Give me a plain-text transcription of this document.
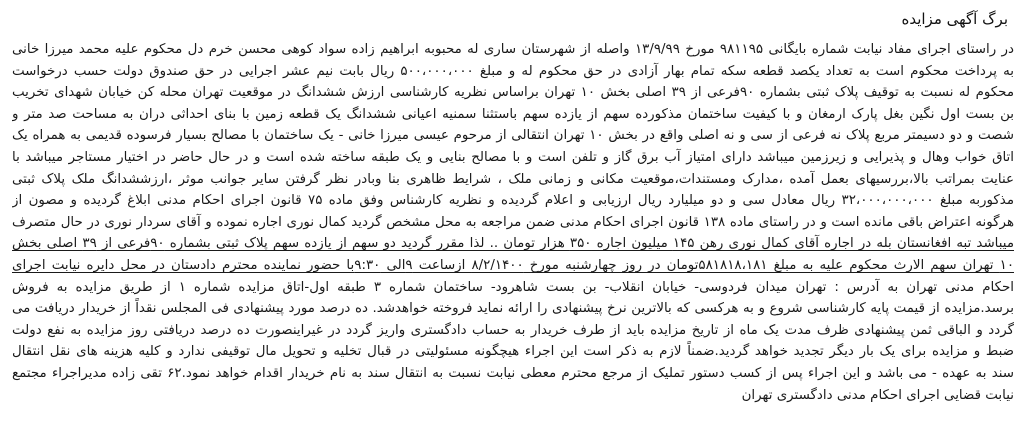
برگ آگهی مزایده
در راستای اجرای مفاد نیابت شماره بایگانی ۹۸۱۱۹۵ مورخ ۱۳/۹/۹۹ واصله از شهرستان ساری له محبوبه ابراهیم زاده سواد کوهی محسن خرم دل محکوم علیه محمد میرزا خانی
به پرداخت محکوم است به تعداد یکصد قطعه سکه تمام بهار آزادی در حق محکوم له و مبلغ ۵۰۰،۰۰۰،۰۰۰ ریال بابت نیم عشر اجرایی در حق صندوق دولت حسب درخواست
محکوم له نسبت به توقیف پلاک ثبتی بشماره ۹۰فرعی از ۳۹ اصلی بخش ۱۰ تهران براساس نظریه کارشناسی ارزش ششدانگ در موقعیت تهران محله کن خیابان شهدای تخریب
بن بست اول نگین بغل پارک ارمغان و با کیفیت ساختمان مذکورده سهم از یازده سهم باستثنا سمنیه اعیانی ششدانگ یک قطعه زمین با بنای احداثی دران به مساحت صد متر و
شصت و دو دسیمتر مربع پلاک نه فرعی از سی و نه اصلی واقع در بخش ۱۰ تهران انتقالی از مرحوم عیسی میرزا خانی - یک ساختمان با مصالح بسیار فرسوده قدیمی به همراه یک
اتاق خواب وهال و پذیرایی و زیرزمین میباشد دارای امتیاز آب برق گاز و تلفن است و با مصالح بنایی و یک طبقه ساخته شده است و در حال حاضر در اختیار مستاجر میباشد با
عنایت بمراتب بالا،بررسیهای بعمل آمده ،مدارک ومستندات،موقعیت مکانی و زمانی ملک ، شرایط ظاهری بنا وبادر نظر گرفتن سایر جوانب موثر ،ارزششدانگ ملک پلاک ثبتی
مذکوربه مبلغ ۳۲،۰۰۰،۰۰۰،۰۰۰ ریال معادل سی و دو میلیارد ریال ارزیابی و اعلام گردیده و نظریه کارشناس وفق ماده ۷۵ قانون اجرای احکام مدنی ابلاغ گردیده و مصون از
هرگونه اعتراض باقی مانده است و در راستای ماده ۱۳۸ قانون اجرای احکام مدنی ضمن مراجعه به محل مشخص گردید کمال نوری اجاره نموده و آقای سردار نوری در حال متصرف
میباشد تبه افغانستان بله در اجاره آقای کمال نوری رهن ۱۴۵ میلیون اجاره ۳۵۰ هزار تومان .. لذا مقرر گردید دو سهم از یازده سهم پلاک ثبتی بشماره ۹۰فرعی از ۳۹ اصلی بخش
۱۰ تهران سهم الارث محکوم علیه به مبلغ ۵۸۱۸۱۸،۱۸۱تومان در روز چهارشنبه مورخ ۸/۲/۱۴۰۰ ازساعت ۹الی ۹:۳۰با حضور نماینده محترم دادستان در محل دایره نیابت اجرای
احکام مدنی تهران به آدرس : تهران میدان فردوسی- خیابان انقلاب- بن بست شاهرود- ساختمان شماره ۳ طبقه اول-اتاق مزایده شماره ۱ از طریق مزایده به فروش
برسد.مزایده از قیمت پایه کارشناسی شروع و به هرکسی که بالاترین نرخ پیشنهادی را ارائه نماید فروخته خواهدشد. ده درصد مورد پیشنهادی فی المجلس نقداً از خریدار دریافت می
گردد و الباقی ثمن پیشنهادی ظرف مدت یک ماه از تاریخ مزایده باید از طرف خریدار به حساب دادگستری واریز گردد در غیراینصورت ده درصد دریافتی روز مزایده به نفع دولت
ضبط و مزایده برای یک بار دیگر تجدید خواهد گردید.ضمناً لازم به ذکر است این اجراء هیچگونه مسئولیتی در قبال تخلیه و تحویل مال توقیفی ندارد و کلیه هزینه های نقل انتقال
سند به عهده - می باشد و این اجراء پس از کسب دستور تملیک از مرجع محترم معطی نیابت نسبت به انتقال سند به نام خریدار اقدام خواهد نمود.۶۲ تقی زاده مدیراجراء مجتمع
نیابت قضایی اجرای احکام مدنی دادگستری تهران
